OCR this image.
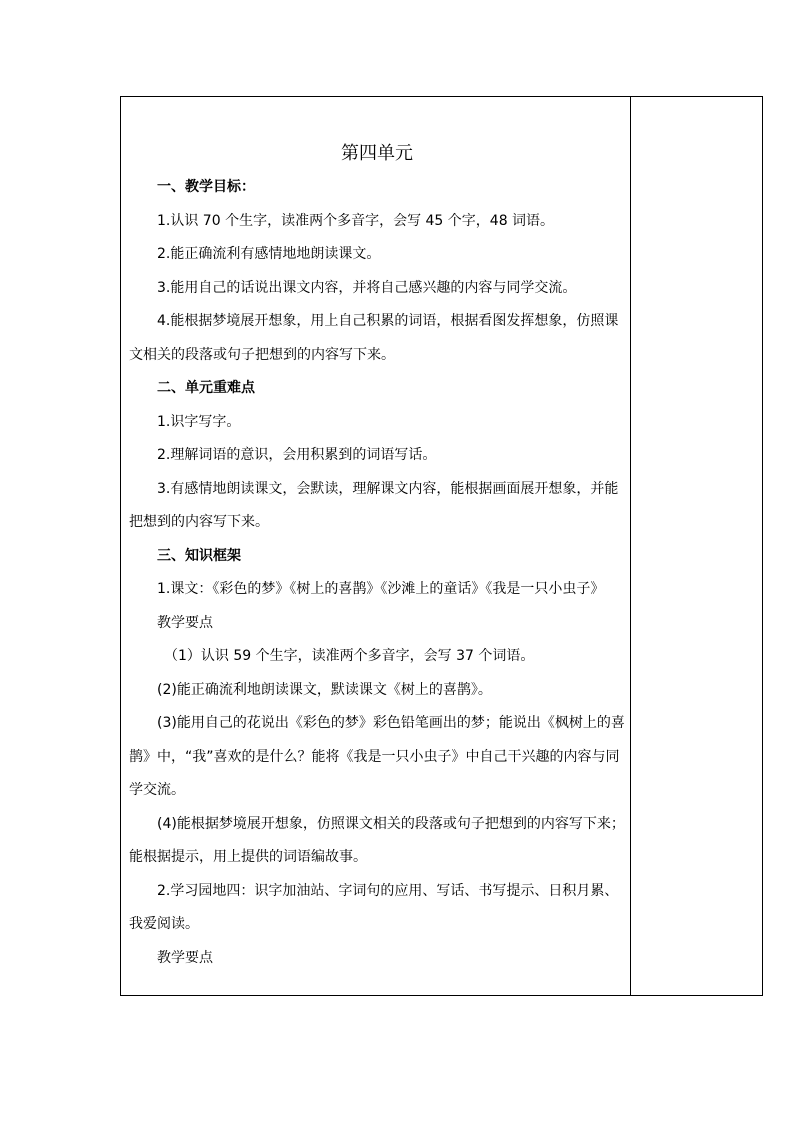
第四单元

一、教学目标：

1.认识 70 个生字，读准两个多音字，会写 45 个字，48 词语。

2.能正确流利有感情地地朗读课文。

3.能用自己的话说出课文内容，并将自己感兴趣的内容与同学交流。

4.能根据梦境展开想象，用上自己积累的词语，根据看图发挥想象，仿照课文相关的段落或句子把想到的内容写下来。

二、单元重难点

1.识字写字。

2.理解词语的意识，会用积累到的词语写话。

3.有感情地朗读课文，会默读，理解课文内容，能根据画面展开想象，并能把想到的内容写下来。

三、知识框架

1.课文：《彩色的梦》《树上的喜鹊》《沙滩上的童话》《我是一只小虫子》

教学要点

（1）认识 59 个生字，读准两个多音字，会写 37 个词语。

(2)能正确流利地朗读课文，默读课文《树上的喜鹊》。

(3)能用自己的花说出《彩色的梦》彩色铅笔画出的梦；能说出《枫树上的喜鹊》中，“我”喜欢的是什么？能将《我是一只小虫子》中自己干兴趣的内容与同学交流。

(4)能根据梦境展开想象，仿照课文相关的段落或句子把想到的内容写下来；能根据提示，用上提供的词语编故事。

2.学习园地四：识字加油站、字词句的应用、写话、书写提示、日积月累、我爱阅读。

教学要点
